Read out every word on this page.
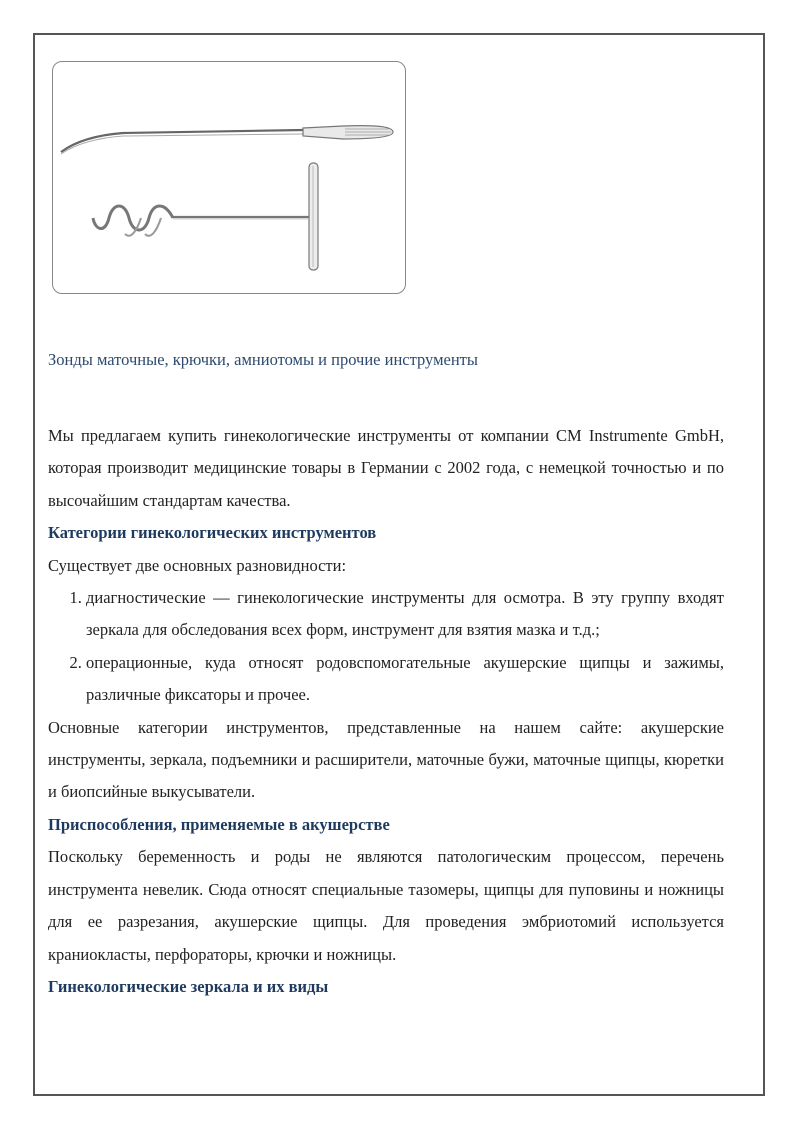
Зонды маточные, крючки, амниотомы и прочие инструменты

Мы предлагаем купить гинекологические инструменты от компании CM Instrumente GmbH, которая производит медицинские товары в Германии с 2002 года, с немецкой точностью и по высочайшим стандартам качества.

Категории гинекологических инструментов

Существует две основных разновидности:

1. диагностические — гинекологические инструменты для осмотра. В эту группу входят зеркала для обследования всех форм, инструмент для взятия мазка и т.д.;
2. операционные, куда относят родовспомогательные акушерские щипцы и зажимы, различные фиксаторы и прочее.

Основные категории инструментов, представленные на нашем сайте: акушерские инструменты, зеркала, подъемники и расширители, маточные бужи, маточные щипцы, кюретки и биопсийные выкусыватели.

Приспособления, применяемые в акушерстве

Поскольку беременность и роды не являются патологическим процессом, перечень инструмента невелик. Сюда относят специальные тазомеры, щипцы для пуповины и ножницы для ее разрезания, акушерские щипцы. Для проведения эмбриотомий используется краниокласты, перфораторы, крючки и ножницы.

Гинекологические зеркала и их виды
